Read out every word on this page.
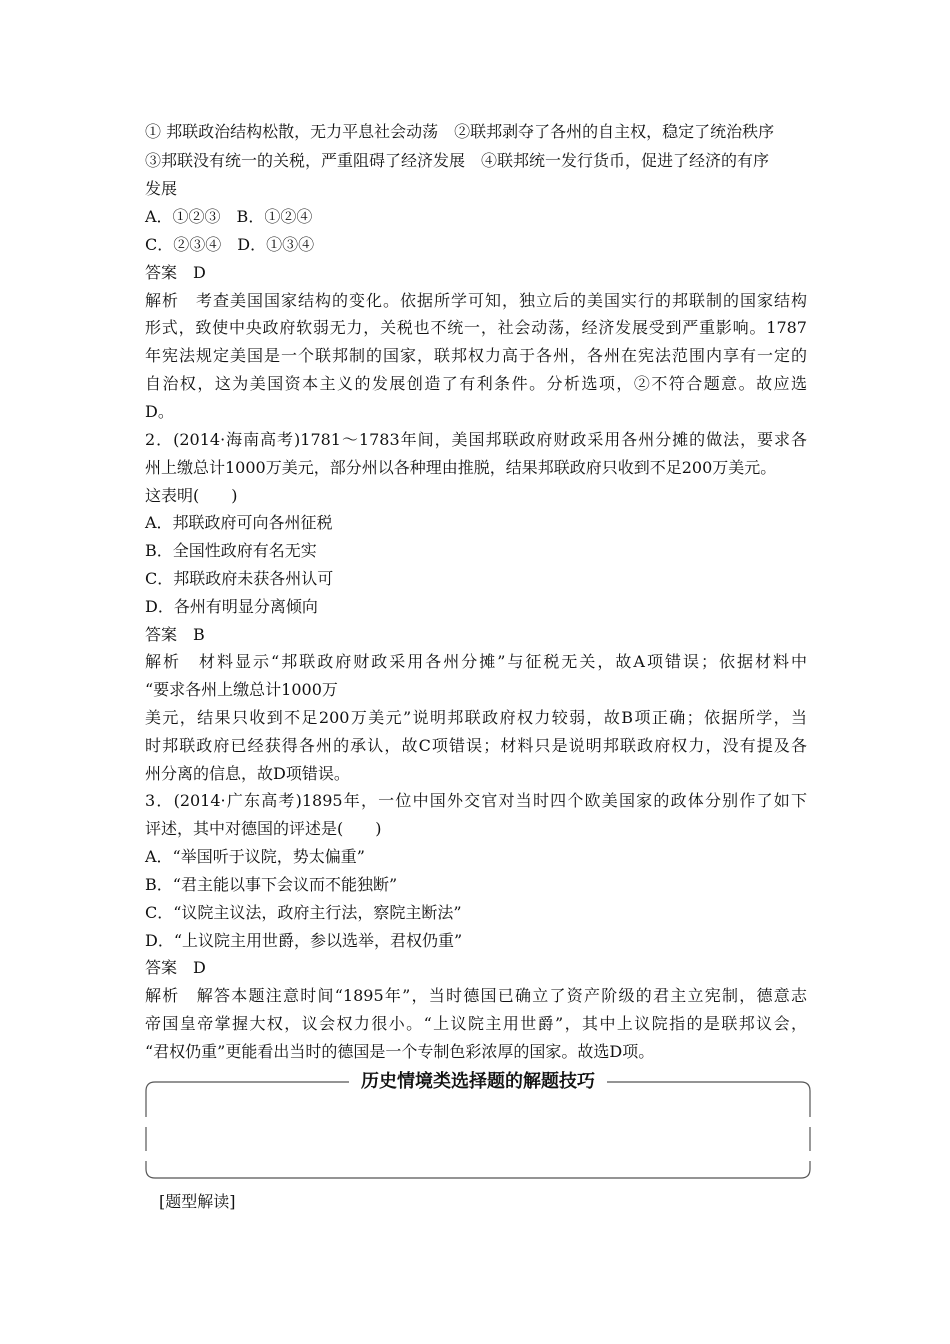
① 邦联政治结构松散，无力平息社会动荡　②联邦剥夺了各州的自主权，稳定了统治秩序
③邦联没有统一的关税，严重阻碍了经济发展　④联邦统一发行货币，促进了经济的有序
发展
A．①②③　B．①②④
C．②③④　D．①③④
答案　D
解析　考查美国国家结构的变化。依据所学可知，独立后的美国实行的邦联制的国家结构
形式，致使中央政府软弱无力，关税也不统一，社会动荡，经济发展受到严重影响。1787
年宪法规定美国是一个联邦制的国家，联邦权力高于各州，各州在宪法范围内享有一定的
自治权，这为美国资本主义的发展创造了有利条件。分析选项，②不符合题意。故应选
D。
2．(2014·海南高考)1781～1783年间，美国邦联政府财政采用各州分摊的做法，要求各
州上缴总计1000万美元，部分州以各种理由推脱，结果邦联政府只收到不足200万美元。
这表明(　　)
A．邦联政府可向各州征税
B．全国性政府有名无实
C．邦联政府未获各州认可
D．各州有明显分离倾向
答案　B
解析　材料显示“邦联政府财政采用各州分摊”与征税无关，故A项错误；依据材料中
“要求各州上缴总计1000万
美元，结果只收到不足200万美元”说明邦联政府权力较弱，故B项正确；依据所学，当
时邦联政府已经获得各州的承认，故C项错误；材料只是说明邦联政府权力，没有提及各
州分离的信息，故D项错误。
3．(2014·广东高考)1895年，一位中国外交官对当时四个欧美国家的政体分别作了如下
评述，其中对德国的评述是(　　)
A．“举国听于议院，势太偏重”
B．“君主能以事下会议而不能独断”
C．“议院主议法，政府主行法，察院主断法”
D．“上议院主用世爵，参以选举，君权仍重”
答案　D
解析　解答本题注意时间“1895年”，当时德国已确立了资产阶级的君主立宪制，德意志
帝国皇帝掌握大权，议会权力很小。“上议院主用世爵”，其中上议院指的是联邦议会，
“君权仍重”更能看出当时的德国是一个专制色彩浓厚的国家。故选D项。
历史情境类选择题的解题技巧
[题型解读]
